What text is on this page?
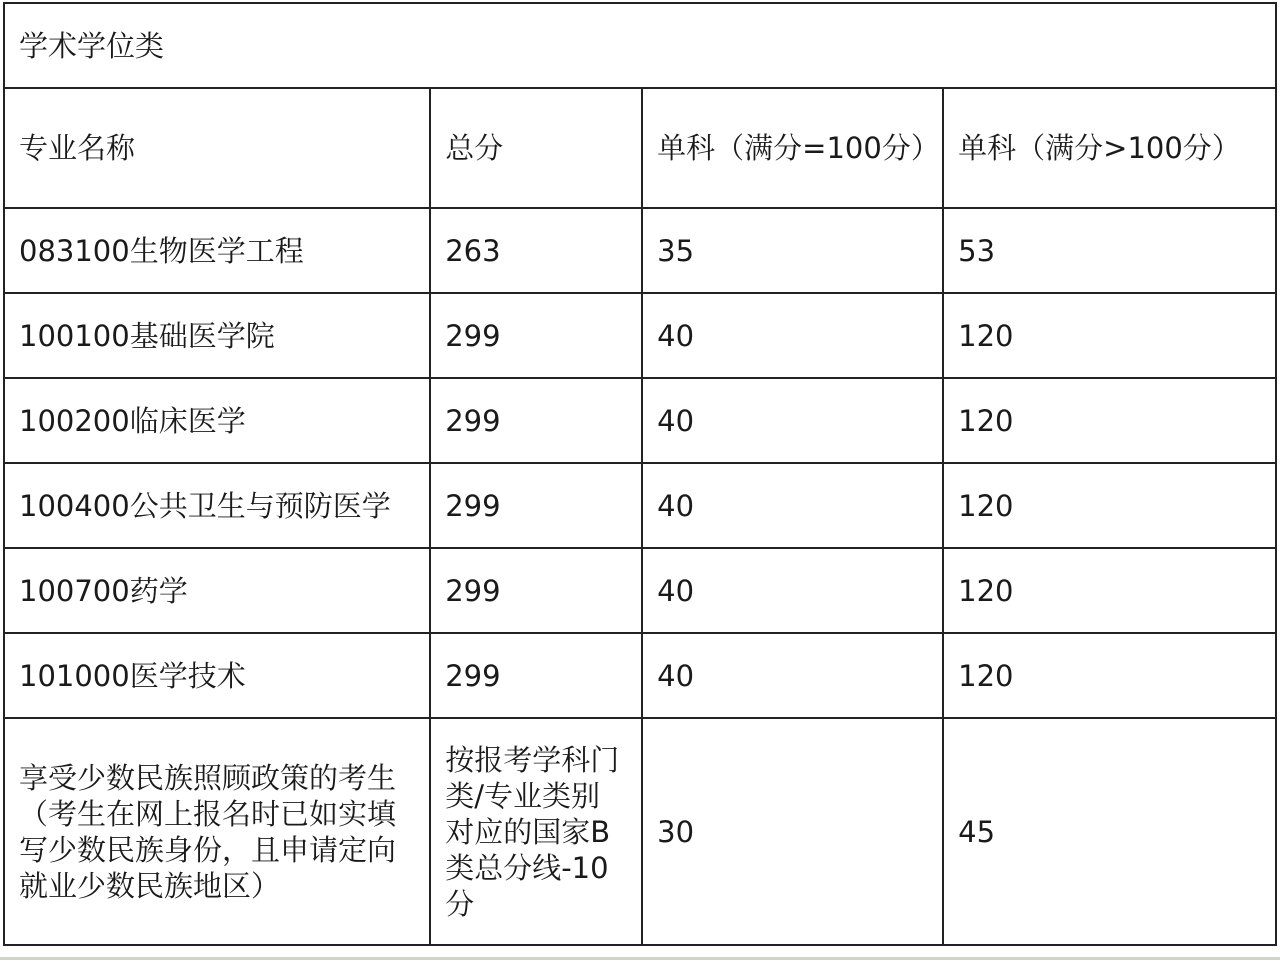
学术学位类			
专业名称	总分	单科（满分=100分）	单科（满分>100分）
083100生物医学工程	263	35	53
100100基础医学院	299	40	120
100200临床医学	299	40	120
100400公共卫生与预防医学	299	40	120
100700药学	299	40	120
101000医学技术	299	40	120
享受少数民族照顾政策的考生（考生在网上报名时已如实填写少数民族身份，且申请定向就业少数民族地区）	按报考学科门类/专业类别对应的国家B类总分线-10分	30	45
